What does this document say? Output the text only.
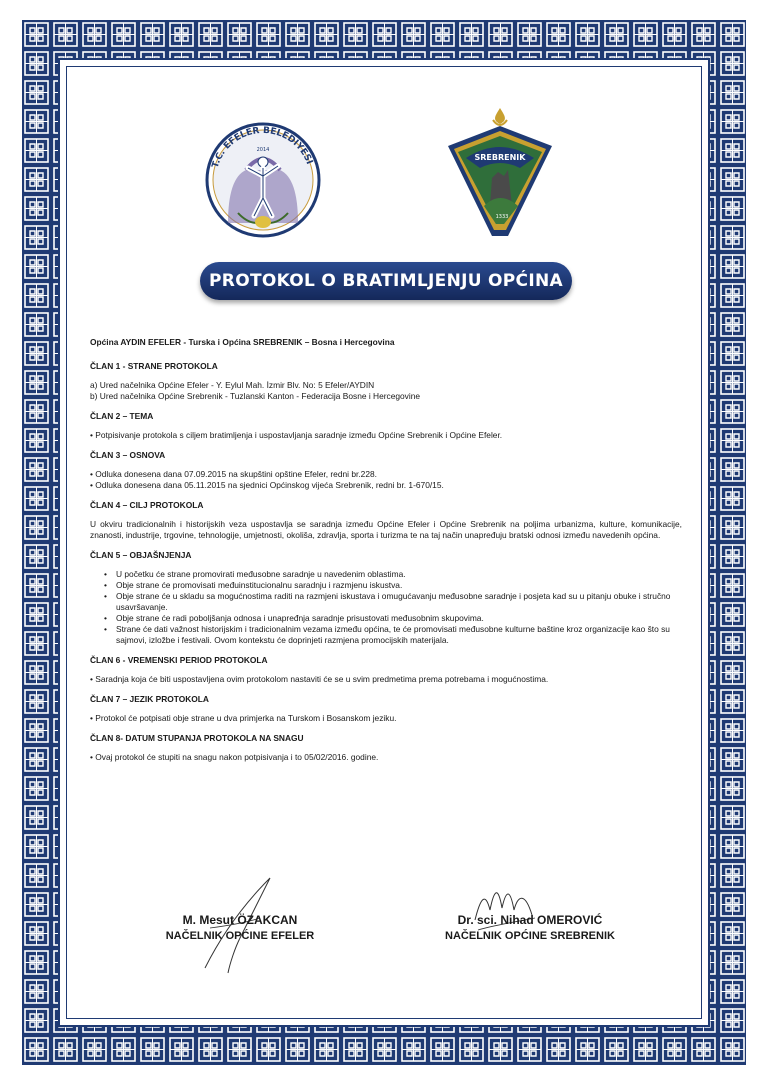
T.C. EFELER BELEDİYESİ
2014
SREBRENIK
1333
PROTOKOL O BRATIMLJENJU OPĆINA

Općina AYDIN EFELER - Turska i Općina SREBRENIK – Bosna i Hercegovina

ČLAN 1 - STRANE PROTOKOLA

a) Ured načelnika Općine Efeler - Y. Eylul Mah. İzmir Blv. No: 5 Efeler/AYDIN

b) Ured načelnika Općine Srebrenik - Tuzlanski Kanton - Federacija Bosne i Hercegovine

ČLAN 2 – TEMA

• Potpisivanje protokola s ciljem bratimljenja i uspostavljanja saradnje između Općine Srebrenik i Općine Efeler.

ČLAN 3 – OSNOVA

• Odluka donesena dana 07.09.2015 na skupštini opštine Efeler, redni br.228.

• Odluka donesena dana 05.11.2015 na sjednici Općinskog vijeća Srebrenik, redni br. 1-670/15.

ČLAN 4 – CILJ PROTOKOLA

U okviru tradicionalnih i historijskih veza uspostavlja se saradnja između Općine Efeler i Općine Srebrenik na poljima urbanizma, kulture, komunikacije, znanosti, industrije, trgovine, tehnologije, umjetnosti, okoliša, zdravlja, sporta i turizma te na taj način unapređuju bratski odnosi između navedenih općina.

ČLAN 5 – OBJAŠNJENJA

• U početku će strane promovirati međusobne saradnje u navedenim oblastima.
• Obje strane će promovisati međuinstitucionalnu saradnju i razmjenu iskustva.
• Obje strane će u skladu sa mogućnostima raditi na razmjeni iskustava i omugućavanju međusobne saradnje i posjeta kad su u pitanju obuke i stručno usavršavanje.
• Obje strane će radi poboljšanja odnosa i unapređnja saradnje prisustovati međusobnim skupovima.
• Strane će dati važnost historijskim i tradicionalnim vezama između općina, te će promovisati međusobne kulturne baštine kroz organizacije kao što su sajmovi, izložbe i festivali. Ovom kontekstu će doprinjeti razmjena promocijskih materijala.

ČLAN 6 - VREMENSKI PERIOD PROTOKOLA

• Saradnja koja će biti uspostavljena ovim protokolom nastaviti će se u svim predmetima prema potrebama i mogućnostima.

ČLAN 7 – JEZIK PROTOKOLA

• Protokol će potpisati obje strane u dva primjerka na Turskom i Bosanskom jeziku.

ČLAN 8- DATUM STUPANJA PROTOKOLA NA SNAGU

• Ovaj protokol će stupiti na snagu nakon potpisivanja i to 05/02/2016. godine.

M. Mesut ÖZAKCAN
NAČELNIK OPĆINE EFELER
Dr. sci. Nihad OMEROVIĆ
NAČELNIK OPĆINE SREBRENIK
